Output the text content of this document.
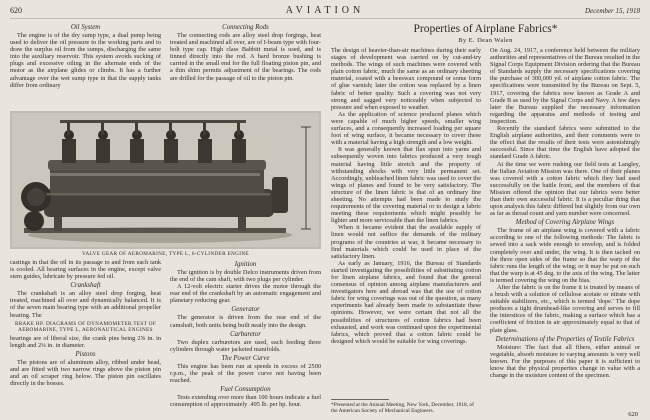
620	AVIATION	December 15, 1918
Oil System

The engine is of the dry sump type, a dual pump being used to deliver the oil pressure to the working parts and to draw the surplus oil from the sumps, discharging the same into the auxiliary reservoir. This system avoids sucking of plugs and excessive oiling in the alternate ends of the motor as the airplane glides or climbs. It has a further advantage over the wet sump type in that the supply tanks differ from ordinary

Connecting Rods

The connecting rods are alloy steel drop forgings, heat treated and machined all over, are of I-beam type with four-bolt type cap. High class Babbitt metal is used, and is tinned directly into the rod. A hard bronze bushing is carried in the small end for the full floating piston pin, and a thin shim permits adjustment of the bearings. The rods are drilled for the passage of oil to the piston pin.

VALVE GEAR OF AEROMARINE, TYPE L, 6-CYLINDER ENGINE

castings in that the oil in its passage to and from each tank is cooled. All bearing surfaces in the engine, except valve stem guides, lubricate by pressure fed oil.

Crankshaft

The crankshaft is an alloy steel drop forging, heat treated, machined all over and dynamically balanced. It is of the seven main bearing type with an additional propeller bearing. The

BRAKE HP. DIAGRAMS OF DYNAMOMETER TEST OF AEROMARINE, TYPE L, AERONAUTICAL ENGINES

bearings are of liberal size, the crank pins being 2⅝ in. in length and 2¼ in. in diameter.

Pistons

The pistons are of aluminum alloy, ribbed under head, and are fitted with two narrow rings above the piston pin and an oil scraper ring below. The piston pin oscillates directly in the bosses.

Ignition

The ignition is by double Delco instruments driven from the end of the cam shaft, with two plugs per cylinder.

A 12-volt electric starter drives the motor through the rear end of the crankshaft by an automatic engagement and planetary reducing gear.

Generator

The generator is driven from the rear end of the camshaft, both units being built neatly into the design.

Carburetor

Two duplex carburetors are used, each feeding three cylinders through water jacketed manifolds.

The Power Curve

This engine has been run at speeds in excess of 2500 r.p.m., the peak of the power curve not having been reached.

Fuel Consumption

Tests extending over more than 100 hours indicate a fuel consumption of approximately .495 lb. per hp. hour.

Properties of Airplane Fabrics*
By E. Dean Walen

The design of heavier-than-air machines during their early stages of development was carried on by cut-and-try methods. The wings of such machines were covered with plain cotton fabric, much the same as an ordinary sheeting material, coated with a beeswax compound or some form of glue varnish; later the cotton was replaced by a linen fabric of better quality. Such a covering was not very strong and sagged very noticeably when subjected to pressure and when exposed to weather.

As the application of science produced planes which were capable of much higher speeds, smaller wing surfaces, and a consequently increased loading per square foot of wing surface, it became necessary to cover these with a material having a high strength and a low weight.

It was generally known that flax spun into yarns and subsequently woven into fabrics produced a very tough material having little stretch and the property of withstanding shocks with very little permanent set. Accordingly, unbleached linen fabric was used to cover the wings of planes and found to be very satisfactory. The structure of the linen fabric is that of an ordinary fine sheeting. No attempts had been made to study the requirements of the covering material or to design a fabric meeting these requirements which might possibly be lighter and more serviceable than the linen fabrics.

When it became evident that the available supply of linen would not suffice the demands of the military programs of the countries at war, it became necessary to find materials which could be used in place of the satisfactory linen.

As early as January, 1916, the Bureau of Standards started investigating the possibilities of substituting cotton for linen airplane fabrics, and found that the general consensus of opinion among airplane manufacturers and investigators here and abroad was that the use of cotton fabric for wing coverings was out of the question, as many experiments had already been made to substantiate these opinions. However, we were certain that not all the possibilities of structures of cotton fabrics had been exhausted, and work was continued upon the experimental fabrics, which proved that a cotton fabric could be designed which would be suitable for wing coverings.

*Presented at the Annual Meeting, New York, December, 1918, of the American Society of Mechanical Engineers.

On Aug. 24, 1917, a conference held between the military authorities and representatives of the Bureau resulted in the Signal Corps Equipment Division ordering that the Bureau of Standards supply the necessary specifications covering the purchase of 300,000 yd. of airplane cotton fabric. The specifications were transmitted by the Bureau on Sept. 5, 1917, covering the fabrics now known as Grade A and Grade B as used by the Signal Corps and Navy. A few days later the Bureau supplied the necessary information regarding the apparatus and methods of testing and inspection.

Recently the standard fabrics were submitted to the English airplane authorities, and their comments were to the effect that the results of their tests were astonishingly successful. Since that time the English have adopted the standard Grade A fabric.

At the time we were rushing our field tests at Langley, the Italian Aviation Mission was there. One of their planes was covered with a cotton fabric which they had used successfully on the battle front, and the members of that Mission offered the opinion that our fabrics were better than their own successful fabric. It is a peculiar thing that upon analysis this fabric differed but slightly from our own as far as thread count and yarn number were concerned.

Method of Covering Airplane Wings

The frame of an airplane wing is covered with a fabric according to one of the following methods: The fabric is sewed into a sack wide enough to envelop, and is folded completely over and under, the wing. It is then tacked on the three open sides of the frame so that the warp of the fabric runs the length of the wing; or it may be put on such that the warp is at 45 deg. to the axis of the wing. The latter is termed covering the wing on the bias.

After the fabric is on the frame it is treated by means of a brush with a solution of cellulose acetate or nitrate with suitable stabilizers, etc., which is termed 'dope.' The dope produces a tight drumhead-like covering and serves to fill the interstices of the fabric, making a surface which has a coefficient of friction in air approximately equal to that of plate glass.

Determinations of the Properties of Textile Fabrics

Moisture: The fact that all fibers, either animal or vegetable, absorb moisture to varying amounts is very well known. For the purposes of this paper it is sufficient to know that the physical properties change in value with a change in the moisture content of the specimen.

620
